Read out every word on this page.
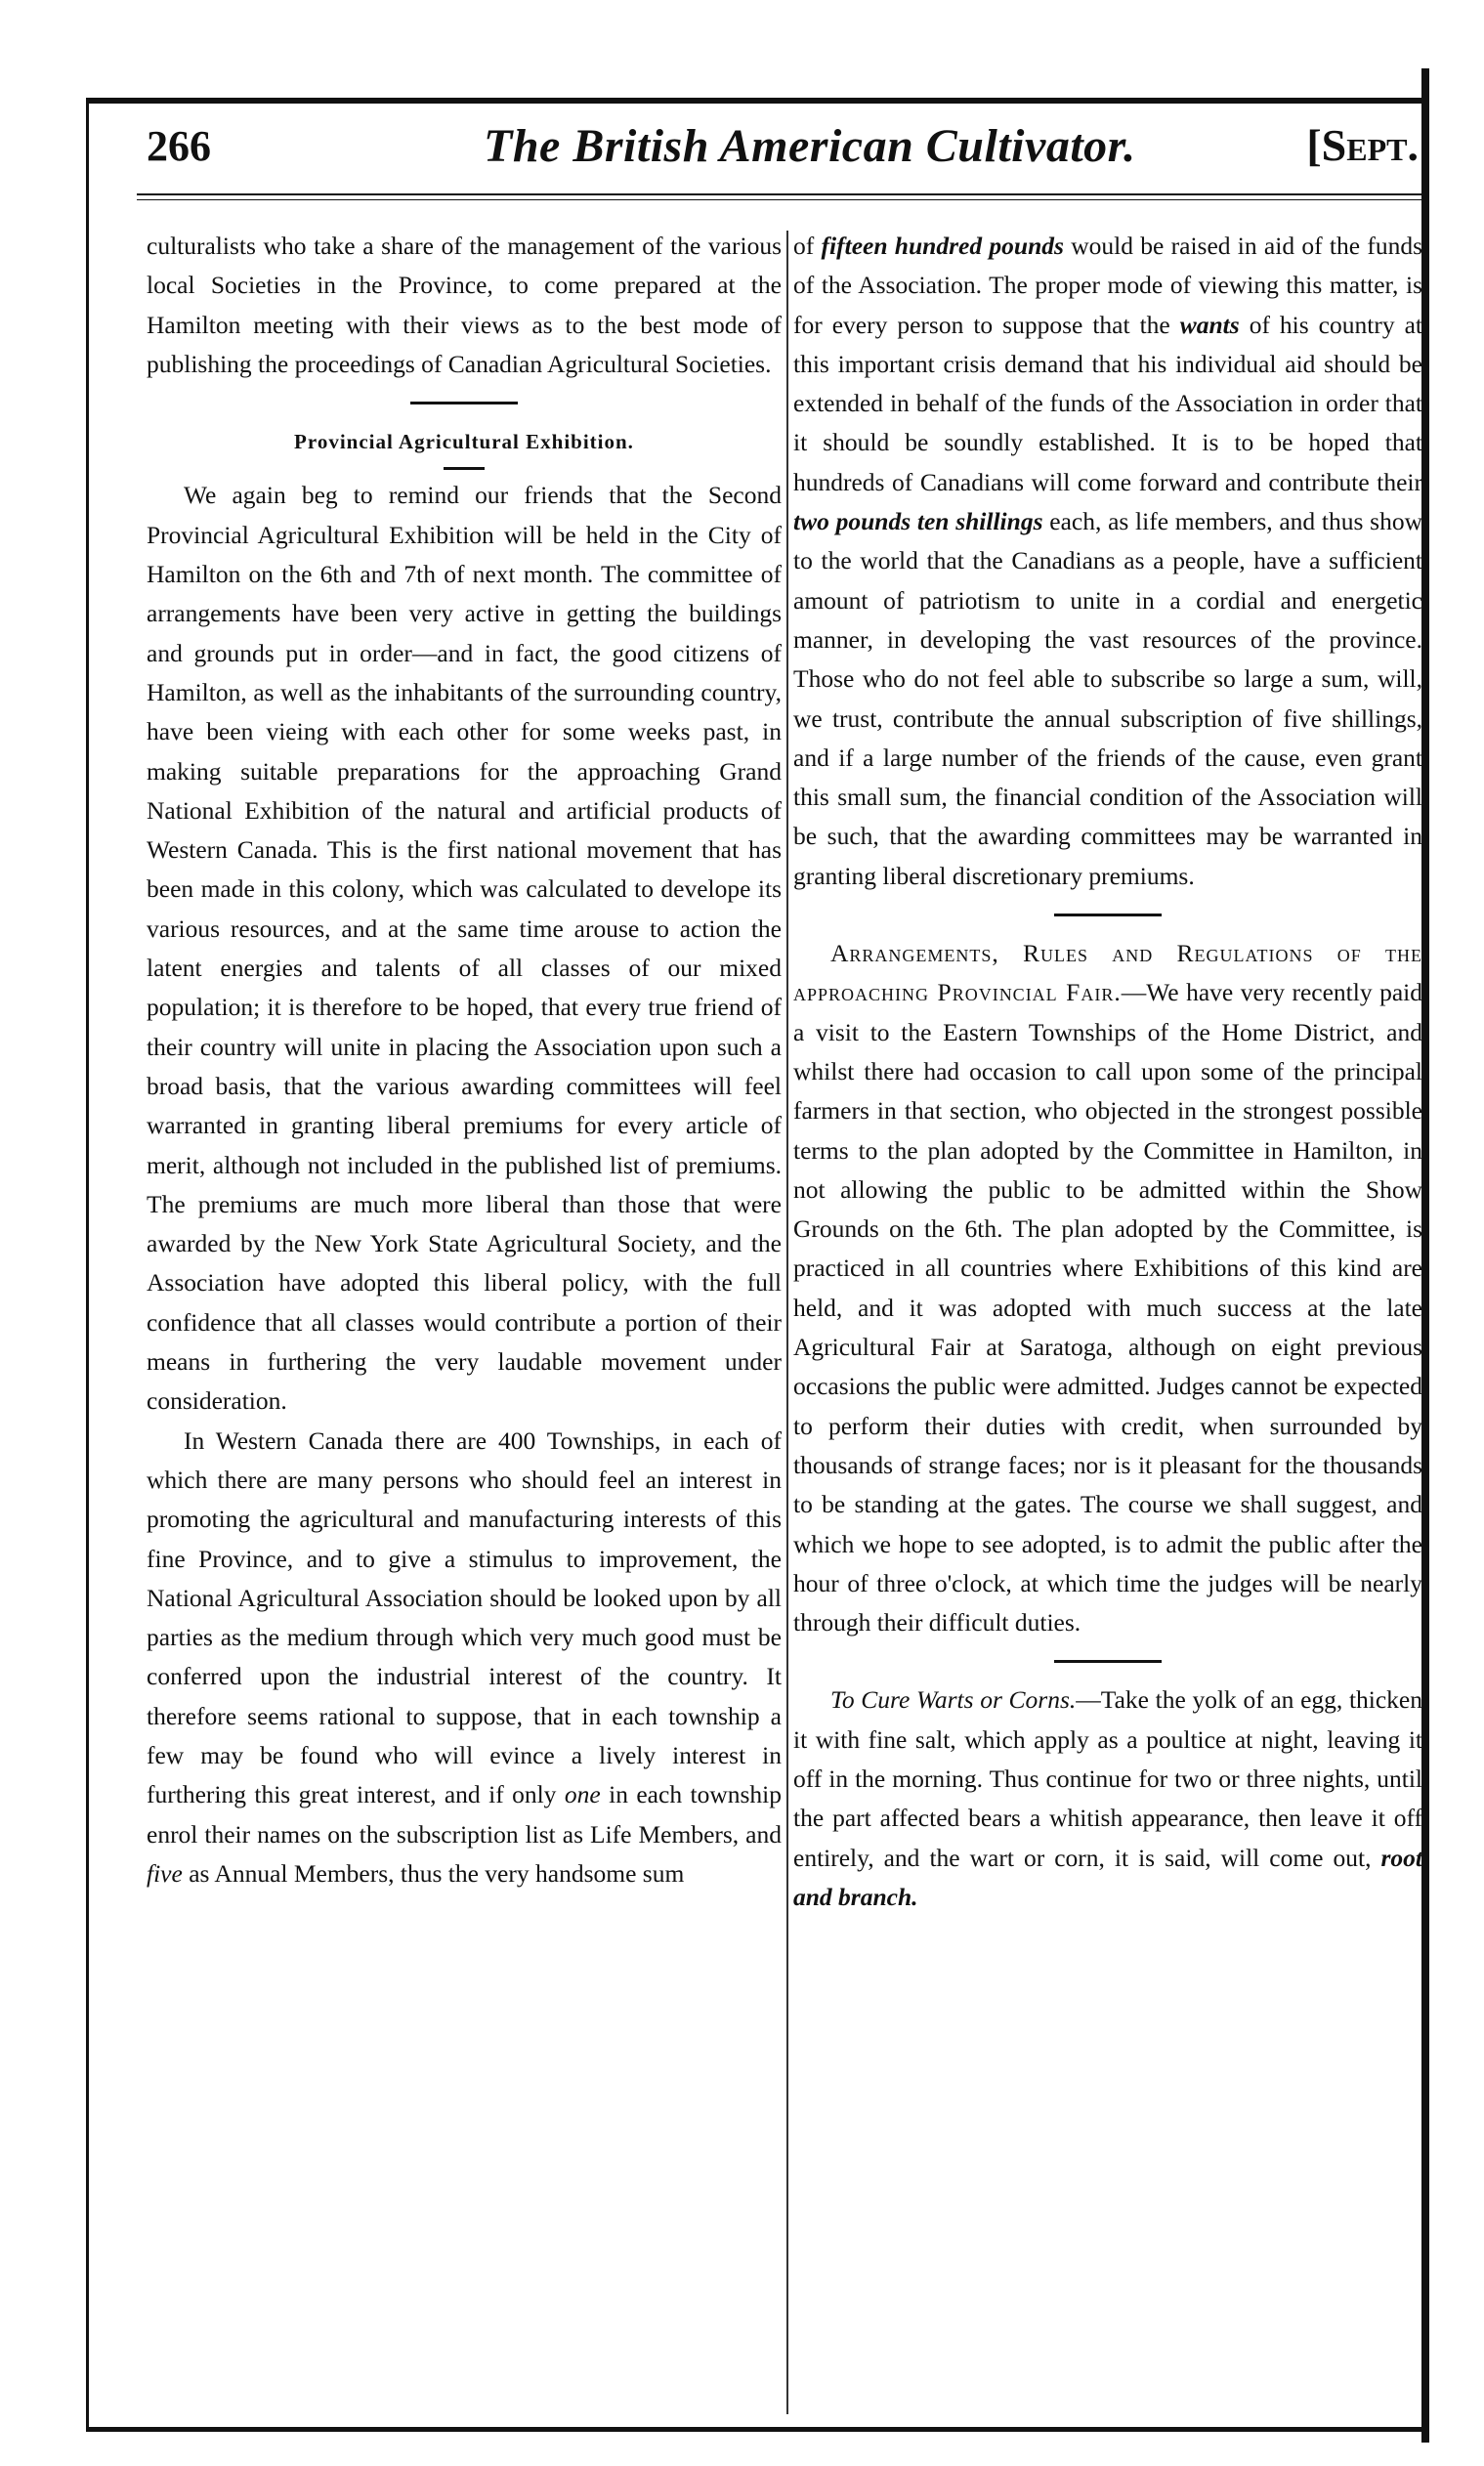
266	The British American Cultivator.	[Sept.

culturalists who take a share of the management of the various local Societies in the Province, to come prepared at the Hamilton meeting with their views as to the best mode of publishing the proceedings of Canadian Agricultural Societies.

Provincial Agricultural Exhibition.

We again beg to remind our friends that the Second Provincial Agricultural Exhibition will be held in the City of Hamilton on the 6th and 7th of next month. The committee of arrangements have been very active in getting the buildings and grounds put in order—and in fact, the good citizens of Hamilton, as well as the inhabitants of the surrounding country, have been vieing with each other for some weeks past, in making suitable preparations for the approaching Grand National Exhibition of the natural and artificial products of Western Canada. This is the first national movement that has been made in this colony, which was calculated to develope its various resources, and at the same time arouse to action the latent energies and talents of all classes of our mixed population; it is therefore to be hoped, that every true friend of their country will unite in placing the Association upon such a broad basis, that the various awarding committees will feel warranted in granting liberal premiums for every article of merit, although not included in the published list of premiums. The premiums are much more liberal than those that were awarded by the New York State Agricultural Society, and the Association have adopted this liberal policy, with the full confidence that all classes would contribute a portion of their means in furthering the very laudable movement under consideration.

In Western Canada there are 400 Townships, in each of which there are many persons who should feel an interest in promoting the agricultural and manufacturing interests of this fine Province, and to give a stimulus to improvement, the National Agricultural Association should be looked upon by all parties as the medium through which very much good must be conferred upon the industrial interest of the country. It therefore seems rational to suppose, that in each township a few may be found who will evince a lively interest in furthering this great interest, and if only one in each township enrol their names on the subscription list as Life Members, and five as Annual Members, thus the very handsome sum

of fifteen hundred pounds would be raised in aid of the funds of the Association. The proper mode of viewing this matter, is for every person to suppose that the wants of his country at this important crisis demand that his individual aid should be extended in behalf of the funds of the Association in order that it should be soundly established. It is to be hoped that hundreds of Canadians will come forward and contribute their two pounds ten shillings each, as life members, and thus show to the world that the Canadians as a people, have a sufficient amount of patriotism to unite in a cordial and energetic manner, in developing the vast resources of the province. Those who do not feel able to subscribe so large a sum, will, we trust, contribute the annual subscription of five shillings, and if a large number of the friends of the cause, even grant this small sum, the financial condition of the Association will be such, that the awarding committees may be warranted in granting liberal discretionary premiums.

Arrangements, Rules and Regulations of the approaching Provincial Fair.—We have very recently paid a visit to the Eastern Townships of the Home District, and whilst there had occasion to call upon some of the principal farmers in that section, who objected in the strongest possible terms to the plan adopted by the Committee in Hamilton, in not allowing the public to be admitted within the Show Grounds on the 6th. The plan adopted by the Committee, is practiced in all countries where Exhibitions of this kind are held, and it was adopted with much success at the late Agricultural Fair at Saratoga, although on eight previous occasions the public were admitted. Judges cannot be expected to perform their duties with credit, when surrounded by thousands of strange faces; nor is it pleasant for the thousands to be standing at the gates. The course we shall suggest, and which we hope to see adopted, is to admit the public after the hour of three o'clock, at which time the judges will be nearly through their difficult duties.

To Cure Warts or Corns.—Take the yolk of an egg, thicken it with fine salt, which apply as a poultice at night, leaving it off in the morning. Thus continue for two or three nights, until the part affected bears a whitish appearance, then leave it off entirely, and the wart or corn, it is said, will come out, root and branch.
